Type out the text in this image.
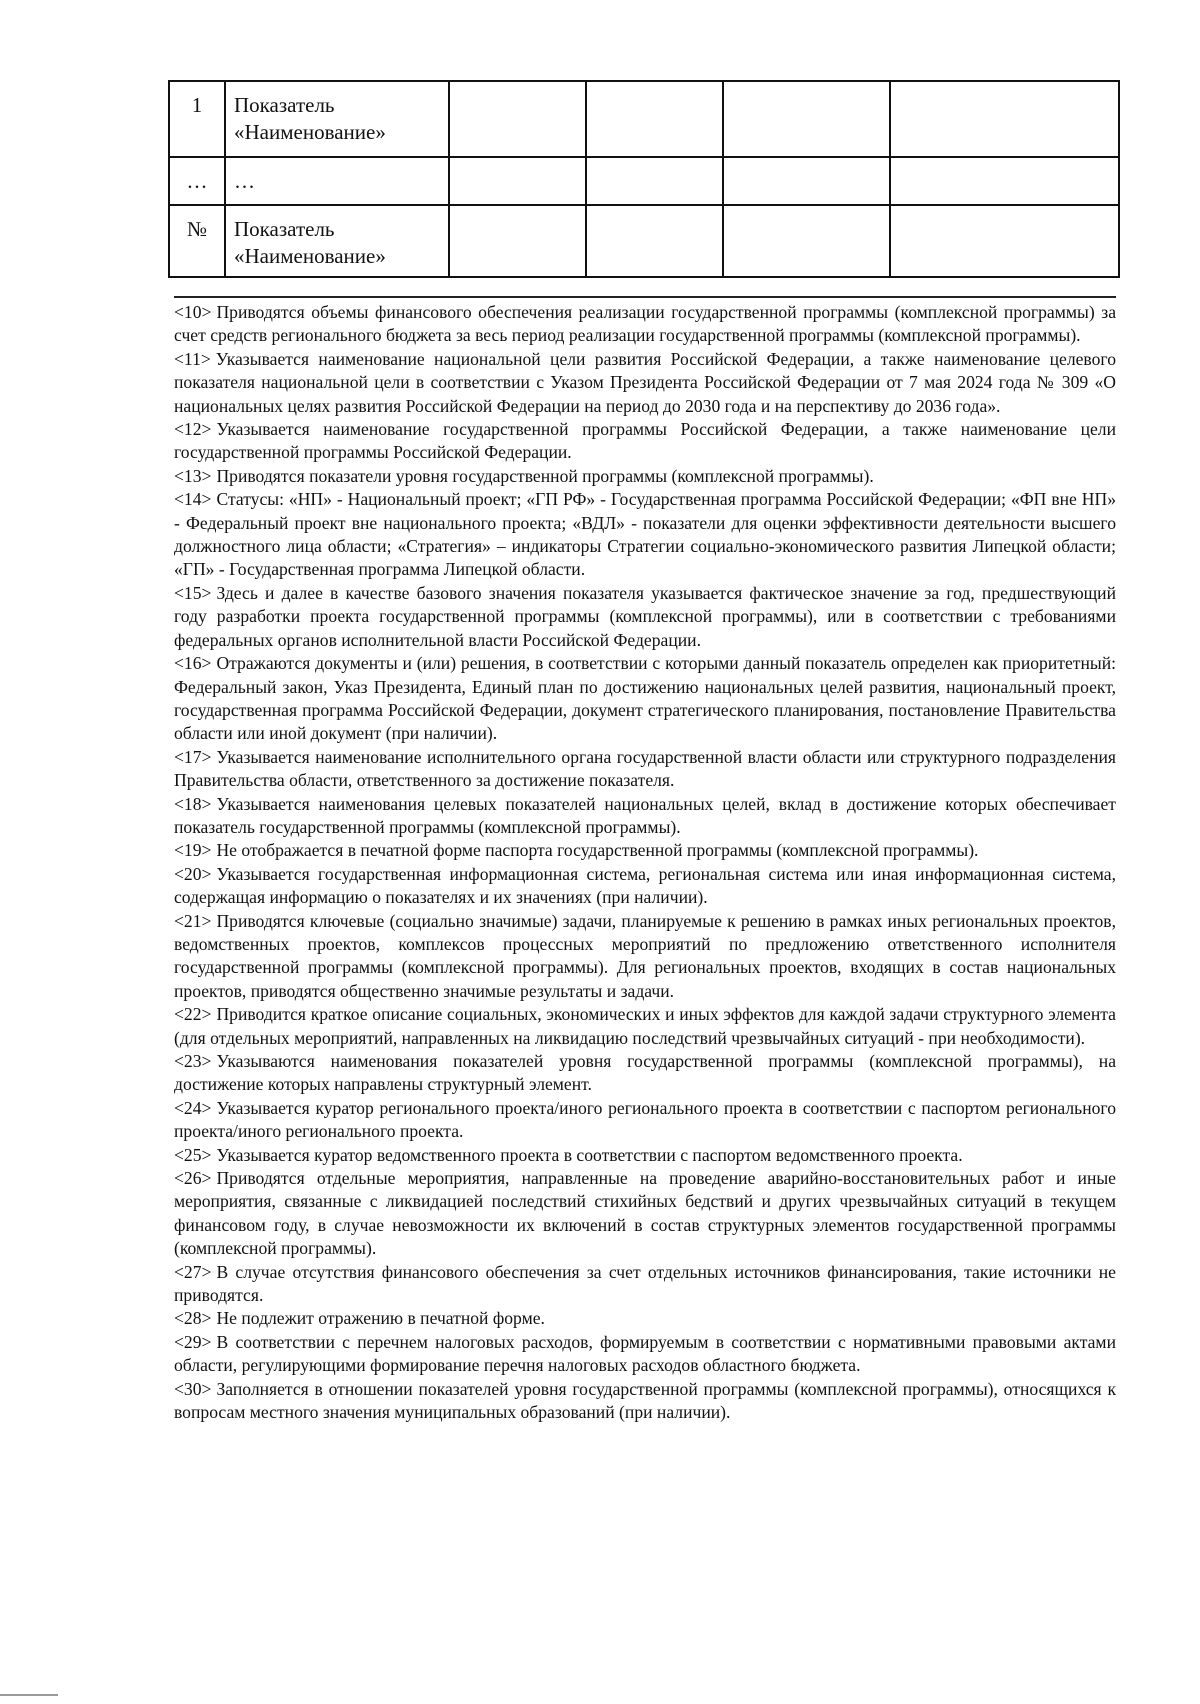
1	Показатель «Наименование»				
…	…				
№	Показатель «Наименование»				

<10> Приводятся объемы финансового обеспечения реализации государственной программы (комплексной программы) за счет средств регионального бюджета за весь период реализации государственной программы (комплексной программы).

<11> Указывается наименование национальной цели развития Российской Федерации, а также наименование целевого показателя национальной цели в соответствии с Указом Президента Российской Федерации от 7 мая 2024 года № 309 «О национальных целях развития Российской Федерации на период до 2030 года и на перспективу до 2036 года».

<12> Указывается наименование государственной программы Российской Федерации, а также наименование цели государственной программы Российской Федерации.

<13> Приводятся показатели уровня государственной программы (комплексной программы).

<14> Статусы: «НП» - Национальный проект; «ГП РФ» - Государственная программа Российской Федерации; «ФП вне НП» - Федеральный проект вне национального проекта; «ВДЛ» - показатели для оценки эффективности деятельности высшего должностного лица области; «Стратегия» – индикаторы Стратегии социально-экономического развития Липецкой области; «ГП» - Государственная программа Липецкой области.

<15> Здесь и далее в качестве базового значения показателя указывается фактическое значение за год, предшествующий году разработки проекта государственной программы (комплексной программы), или в соответствии с требованиями федеральных органов исполнительной власти Российской Федерации.

<16> Отражаются документы и (или) решения, в соответствии с которыми данный показатель определен как приоритетный: Федеральный закон, Указ Президента, Единый план по достижению национальных целей развития, национальный проект, государственная программа Российской Федерации, документ стратегического планирования, постановление Правительства области или иной документ (при наличии).

<17> Указывается наименование исполнительного органа государственной власти области или структурного подразделения Правительства области, ответственного за достижение показателя.

<18> Указывается наименования целевых показателей национальных целей, вклад в достижение которых обеспечивает показатель государственной программы (комплексной программы).

<19> Не отображается в печатной форме паспорта государственной программы (комплексной программы).

<20> Указывается государственная информационная система, региональная система или иная информационная система, содержащая информацию о показателях и их значениях (при наличии).

<21> Приводятся ключевые (социально значимые) задачи, планируемые к решению в рамках иных региональных проектов, ведомственных проектов, комплексов процессных мероприятий по предложению ответственного исполнителя государственной программы (комплексной программы). Для региональных проектов, входящих в состав национальных проектов, приводятся общественно значимые результаты и задачи.

<22> Приводится краткое описание социальных, экономических и иных эффектов для каждой задачи структурного элемента (для отдельных мероприятий, направленных на ликвидацию последствий чрезвычайных ситуаций - при необходимости).

<23> Указываются наименования показателей уровня государственной программы (комплексной программы), на достижение которых направлены структурный элемент.

<24> Указывается куратор регионального проекта/иного регионального проекта в соответствии с паспортом регионального проекта/иного регионального проекта.

<25> Указывается куратор ведомственного проекта в соответствии с паспортом ведомственного проекта.

<26> Приводятся отдельные мероприятия, направленные на проведение аварийно-восстановительных работ и иные мероприятия, связанные с ликвидацией последствий стихийных бедствий и других чрезвычайных ситуаций в текущем финансовом году, в случае невозможности их включений в состав структурных элементов государственной программы (комплексной программы).

<27> В случае отсутствия финансового обеспечения за счет отдельных источников финансирования, такие источники не приводятся.

<28> Не подлежит отражению в печатной форме.

<29> В соответствии с перечнем налоговых расходов, формируемым в соответствии с нормативными правовыми актами области, регулирующими формирование перечня налоговых расходов областного бюджета.

<30> Заполняется в отношении показателей уровня государственной программы (комплексной программы), относящихся к вопросам местного значения муниципальных образований (при наличии).
